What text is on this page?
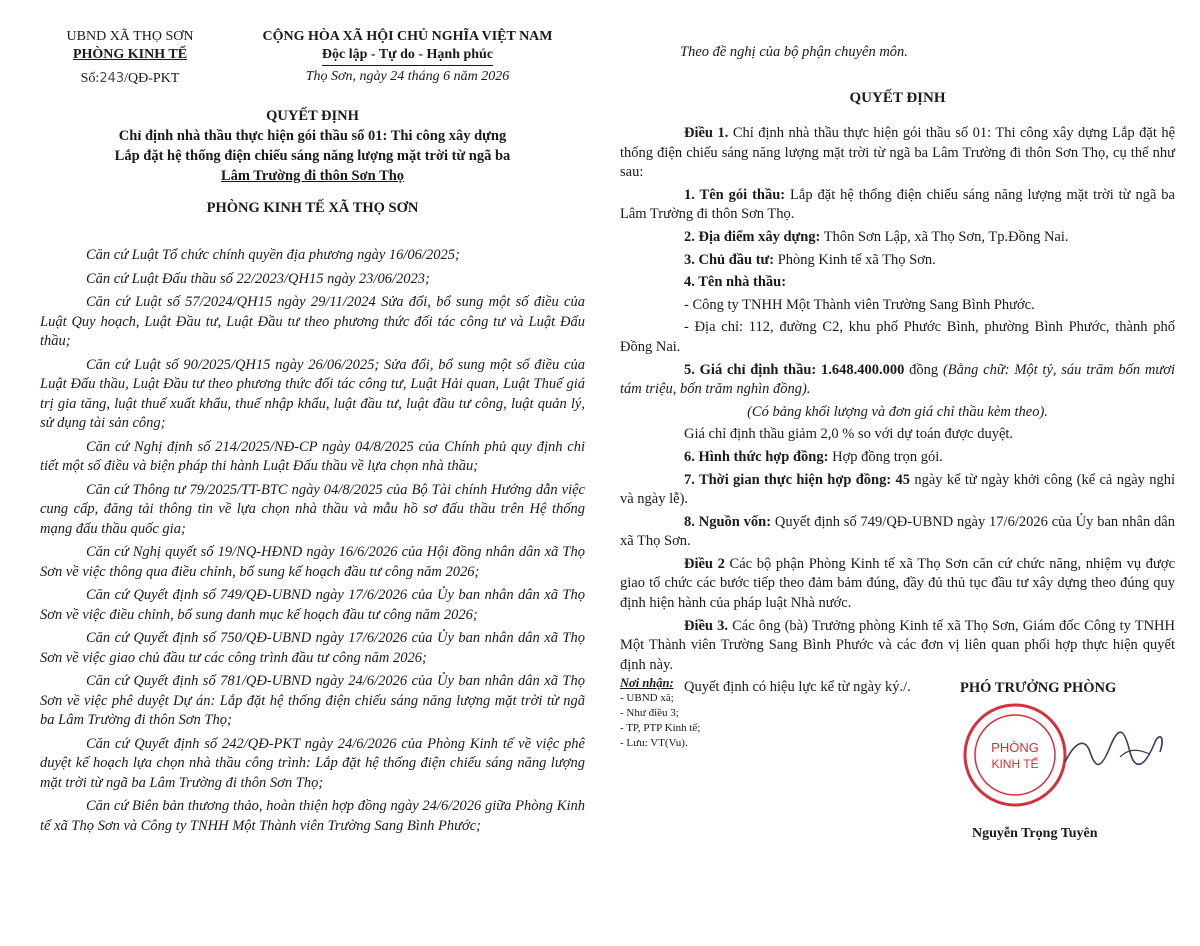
UBND XÃ THỌ SƠN
PHÒNG KINH TẾ
Số:243/QĐ-PKT
CỘNG HÒA XÃ HỘI CHỦ NGHĨA VIỆT NAM
Độc lập - Tự do - Hạnh phúc
Thọ Sơn, ngày 24 tháng 6 năm 2026
QUYẾT ĐỊNH
Chỉ định nhà thầu thực hiện gói thầu số 01: Thi công xây dựng
Lắp đặt hệ thống điện chiếu sáng năng lượng mặt trời từ ngã ba
Lâm Trường đi thôn Sơn Thọ
PHÒNG KINH TẾ XÃ THỌ SƠN

Căn cứ Luật Tổ chức chính quyền địa phương ngày 16/06/2025;

Căn cứ Luật Đấu thầu số 22/2023/QH15 ngày 23/06/2023;

Căn cứ Luật số 57/2024/QH15 ngày 29/11/2024 Sửa đổi, bổ sung một số điều của Luật Quy hoạch, Luật Đầu tư, Luật Đầu tư theo phương thức đối tác công tư và Luật Đấu thầu;

Căn cứ Luật số 90/2025/QH15 ngày 26/06/2025; Sửa đổi, bổ sung một số điều của Luật Đấu thầu, Luật Đầu tư theo phương thức đối tác công tư, Luật Hải quan, Luật Thuế giá trị gia tăng, luật thuế xuất khẩu, thuế nhập khẩu, luật đầu tư, luật đầu tư công, luật quản lý, sử dụng tài sản công;

Căn cứ Nghị định số 214/2025/NĐ-CP ngày 04/8/2025 của Chính phủ quy định chi tiết một số điều và biện pháp thi hành Luật Đấu thầu về lựa chọn nhà thầu;

Căn cứ Thông tư 79/2025/TT-BTC ngày 04/8/2025 của Bộ Tài chính Hướng dẫn việc cung cấp, đăng tải thông tin về lựa chọn nhà thầu và mẫu hồ sơ đấu thầu trên Hệ thống mạng đấu thầu quốc gia;

Căn cứ Nghị quyết số 19/NQ-HĐND ngày 16/6/2026 của Hội đồng nhân dân xã Thọ Sơn về việc thông qua điều chỉnh, bổ sung kế hoạch đầu tư công năm 2026;

Căn cứ Quyết định số 749/QĐ-UBND ngày 17/6/2026 của Ủy ban nhân dân xã Thọ Sơn về việc điều chỉnh, bổ sung danh mục kế hoạch đầu tư công năm 2026;

Căn cứ Quyết định số 750/QĐ-UBND ngày 17/6/2026 của Ủy ban nhân dân xã Thọ Sơn về việc giao chủ đầu tư các công trình đầu tư công năm 2026;

Căn cứ Quyết định số 781/QĐ-UBND ngày 24/6/2026 của Ủy ban nhân dân xã Thọ Sơn về việc phê duyệt Dự án: Lắp đặt hệ thống điện chiếu sáng năng lượng mặt trời từ ngã ba Lâm Trường đi thôn Sơn Thọ;

Căn cứ Quyết định số 242/QĐ-PKT ngày 24/6/2026 của Phòng Kinh tế về việc phê duyệt kế hoạch lựa chọn nhà thầu công trình: Lắp đặt hệ thống điện chiếu sáng năng lượng mặt trời từ ngã ba Lâm Trường đi thôn Sơn Thọ;

Căn cứ Biên bản thương thảo, hoàn thiện hợp đồng ngày 24/6/2026 giữa Phòng Kinh tế xã Thọ Sơn và Công ty TNHH Một Thành viên Trường Sang Bình Phước;

Theo đề nghị của bộ phận chuyên môn.
QUYẾT ĐỊNH

Điều 1. Chỉ định nhà thầu thực hiện gói thầu số 01: Thi công xây dựng Lắp đặt hệ thống điện chiếu sáng năng lượng mặt trời từ ngã ba Lâm Trường đi thôn Sơn Thọ, cụ thể như sau:

1. Tên gói thầu: Lắp đặt hệ thống điện chiếu sáng năng lượng mặt trời từ ngã ba Lâm Trường đi thôn Sơn Thọ.

2. Địa điểm xây dựng: Thôn Sơn Lập, xã Thọ Sơn, Tp.Đồng Nai.

3. Chủ đầu tư: Phòng Kinh tế xã Thọ Sơn.

4. Tên nhà thầu:

- Công ty TNHH Một Thành viên Trường Sang Bình Phước.

- Địa chỉ: 112, đường C2, khu phố Phước Bình, phường Bình Phước, thành phố Đồng Nai.

5. Giá chỉ định thầu: 1.648.400.000 đồng (Bằng chữ: Một tỷ, sáu trăm bốn mươi tám triệu, bốn trăm nghìn đồng).

(Có bảng khối lượng và đơn giá chỉ thầu kèm theo).

Giá chỉ định thầu giảm 2,0 % so với dự toán được duyệt.

6. Hình thức hợp đồng: Hợp đồng trọn gói.

7. Thời gian thực hiện hợp đồng: 45 ngày kể từ ngày khởi công (kể cả ngày nghỉ và ngày lễ).

8. Nguồn vốn: Quyết định số 749/QĐ-UBND ngày 17/6/2026 của Ủy ban nhân dân xã Thọ Sơn.

Điều 2 Các bộ phận Phòng Kinh tế xã Thọ Sơn căn cứ chức năng, nhiệm vụ được giao tổ chức các bước tiếp theo đảm bảm đúng, đầy đủ thủ tục đầu tư xây dựng theo đúng quy định hiện hành của pháp luật Nhà nước.

Điều 3. Các ông (bà) Trưởng phòng Kinh tế xã Thọ Sơn, Giám đốc Công ty TNHH Một Thành viên Trường Sang Bình Phước và các đơn vị liên quan phối hợp thực hiện quyết định này.

Quyết định có hiệu lực kể từ ngày ký./.

Nơi nhận:
- UBND xã;
- Như điều 3;
- TP, PTP Kinh tế;
- Lưu: VT(Vu).
PHÓ TRƯỞNG PHÒNG
PHÒNG
KINH TẾ
Nguyễn Trọng Tuyên
